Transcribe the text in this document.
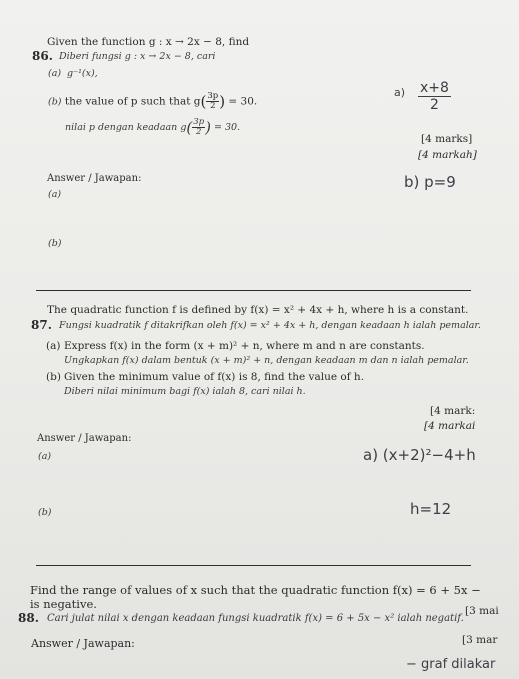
Given the function g : x → 2x − 8, find
86. Diberi fungsi g : x → 2x − 8, cari
(a) g⁻¹(x),
(b) the value of p such that $g( \frac{3p}{2}$ ) = 30.
nilai p dengan keadaan $g( \frac{3p}{2}$ ) = 30.
[4 marks]
[4 markah]
Answer / Jawapan:
(a)
(b)
a) x+8
2
b) p=9
The quadratic function f is defined by f(x) = x² + 4x + h, where h is a constant.
87. Fungsi kuadratik f ditakrifkan oleh f(x) = x² + 4x + h, dengan keadaan h ialah pemalar.
(a) Express f(x) in the form (x + m)² + n, where m and n are constants.
Ungkapkan f(x) dalam bentuk (x + m)² + n, dengan keadaan m dan n ialah pemalar.
(b) Given the minimum value of f(x) is 8, find the value of h.
Diberi nilai minimum bagi f(x) ialah 8, cari nilai h.
[4 mark:
[4 markai
Answer / Jawapan:
(a)
(b)
a) (x+2)²−4+h
h=12
Find the range of values of x such that the quadratic function f(x) = 6 + 5x −
is negative.	[3 mai
88. Cari julat nilai x dengan keadaan fungsi kuadratik f(x) = 6 + 5x − x² ialah negatif.
Answer / Jawapan:	[3 mar
− graf dilakar
